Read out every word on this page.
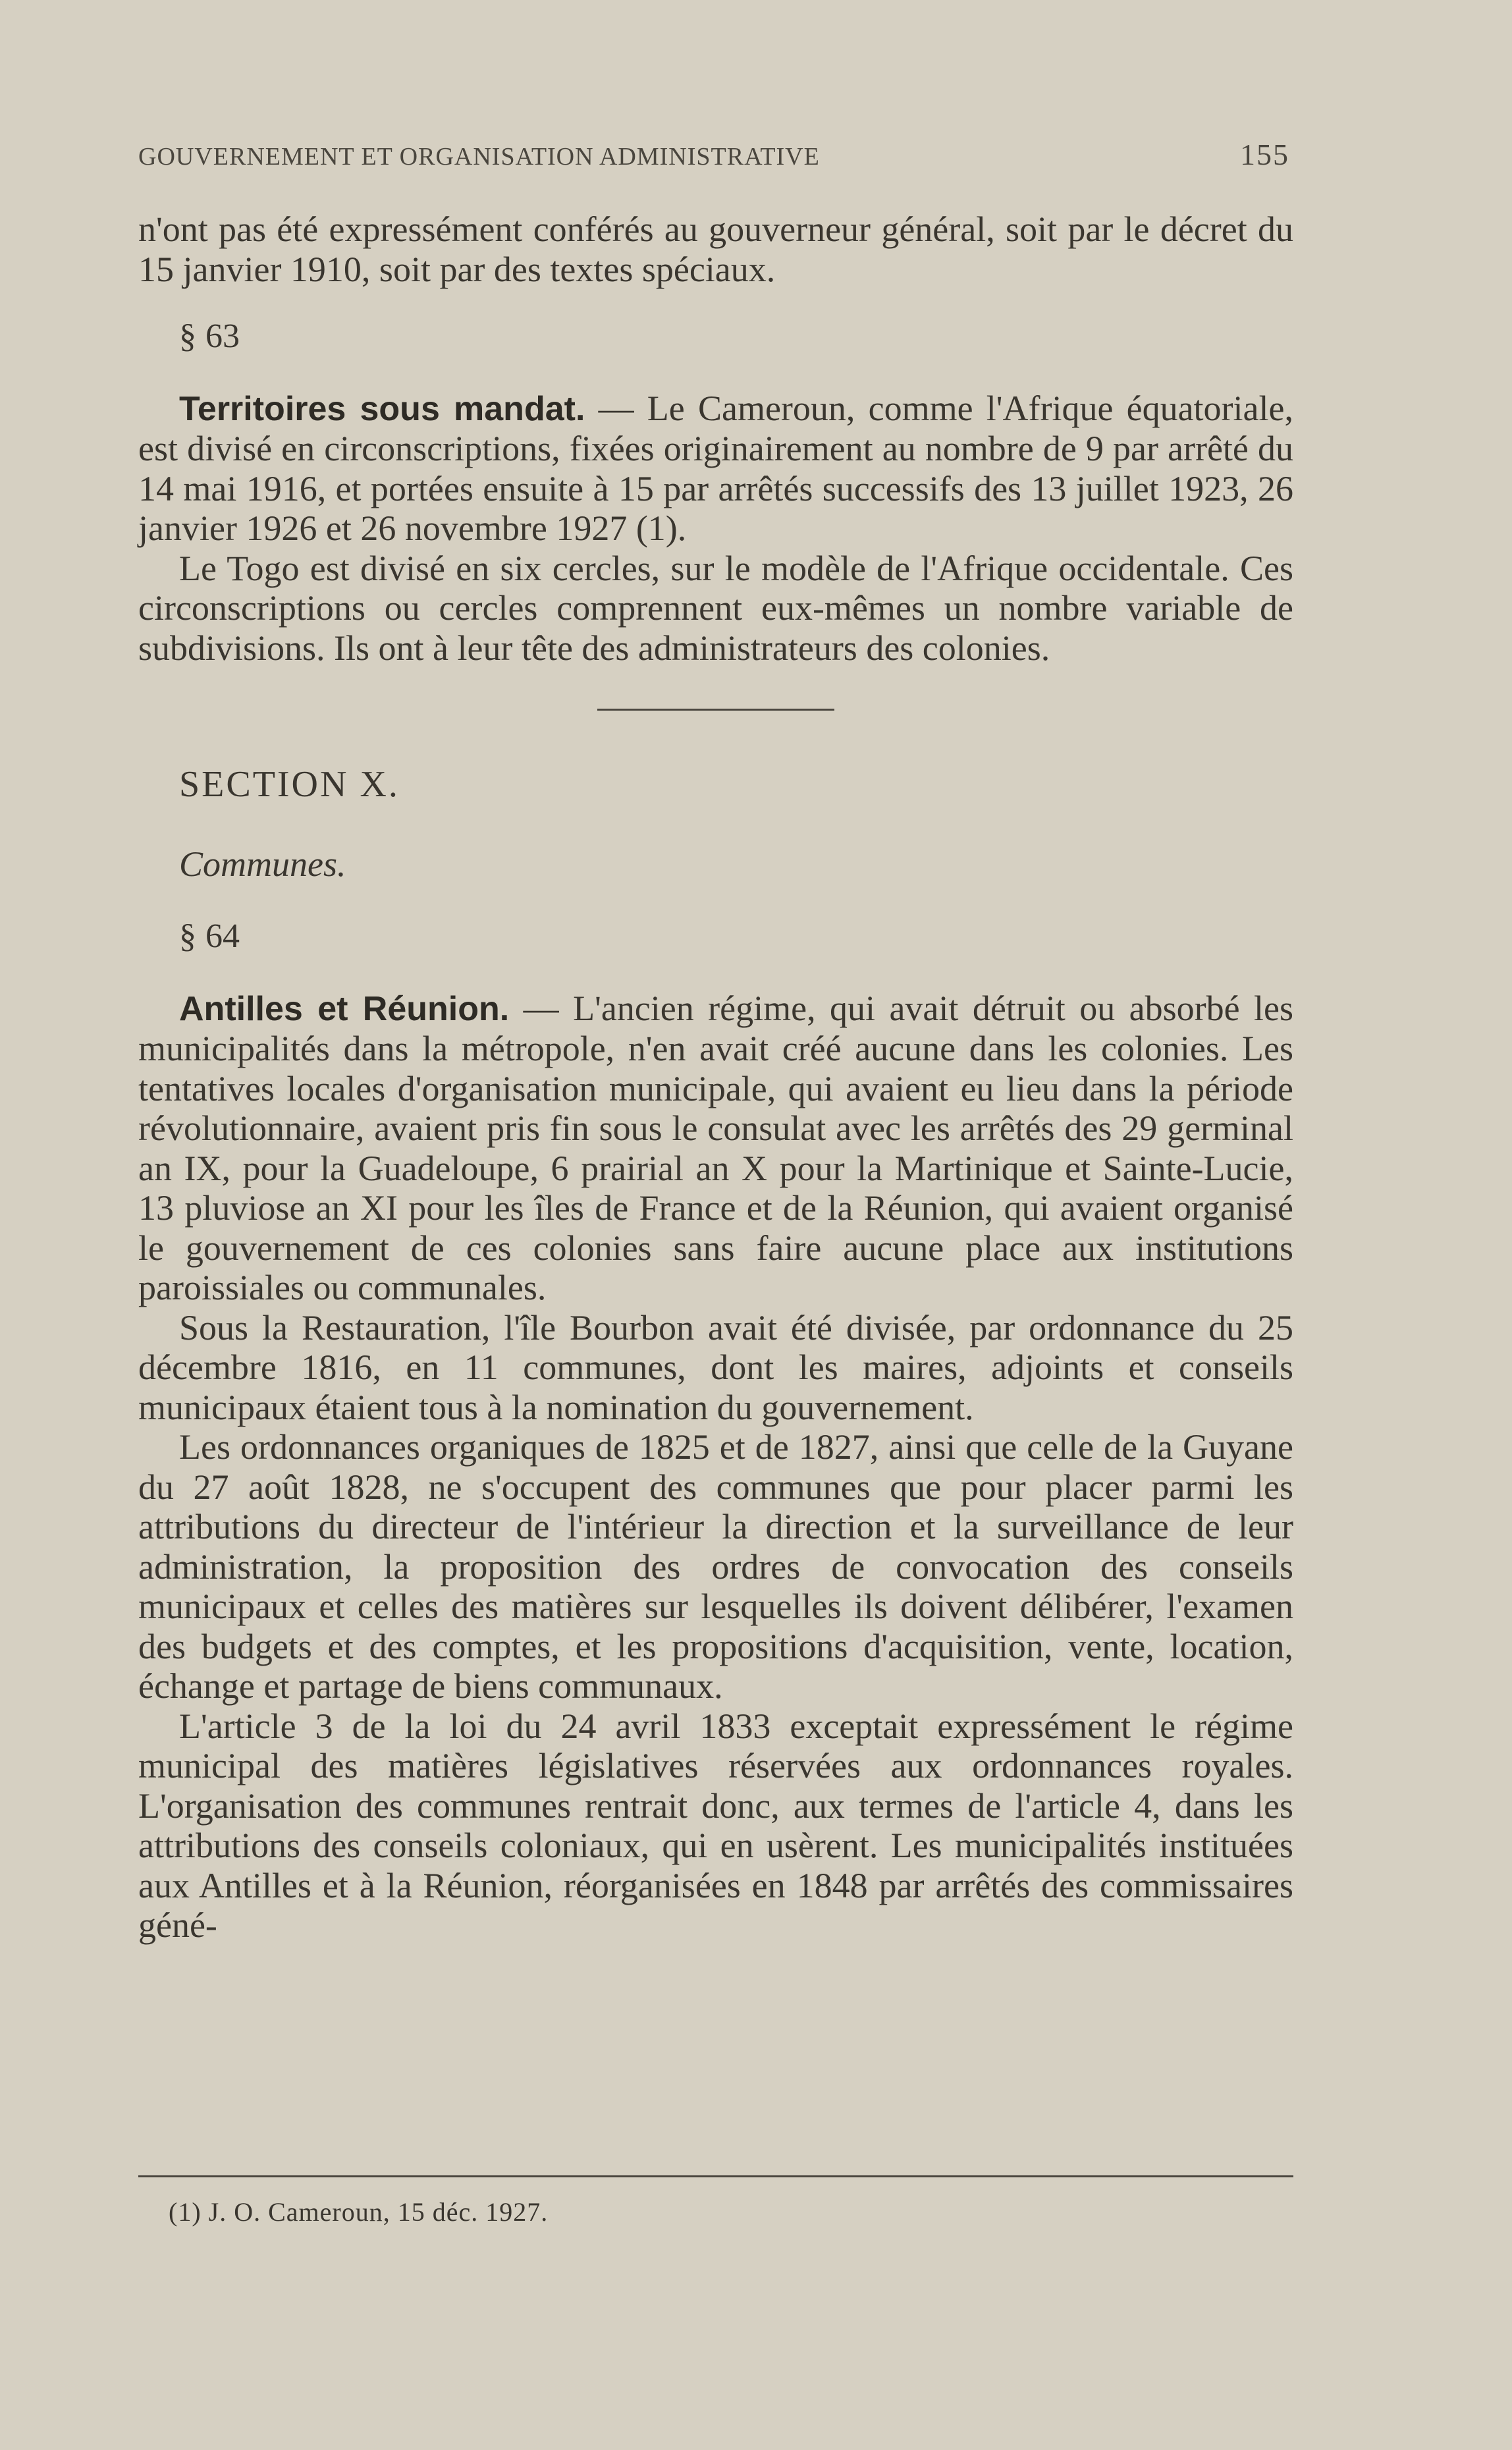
GOUVERNEMENT ET ORGANISATION ADMINISTRATIVE	155

n'ont pas été expressément conférés au gouverneur général, soit par le décret du 15 janvier 1910, soit par des textes spéciaux.

§ 63

Territoires sous mandat. — Le Cameroun, comme l'Afrique équatoriale, est divisé en circonscriptions, fixées originairement au nombre de 9 par arrêté du 14 mai 1916, et portées ensuite à 15 par arrêtés successifs des 13 juillet 1923, 26 janvier 1926 et 26 novembre 1927 (1).

Le Togo est divisé en six cercles, sur le modèle de l'Afrique occidentale. Ces circonscriptions ou cercles comprennent eux-mêmes un nombre variable de subdivisions. Ils ont à leur tête des administrateurs des colonies.

SECTION X.

Communes.

§ 64

Antilles et Réunion. — L'ancien régime, qui avait détruit ou absorbé les municipalités dans la métropole, n'en avait créé aucune dans les colonies. Les tentatives locales d'organisation municipale, qui avaient eu lieu dans la période révolutionnaire, avaient pris fin sous le consulat avec les arrêtés des 29 germinal an IX, pour la Guadeloupe, 6 prairial an X pour la Martinique et Sainte-Lucie, 13 pluviose an XI pour les îles de France et de la Réunion, qui avaient organisé le gouvernement de ces colonies sans faire aucune place aux institutions paroissiales ou communales.

Sous la Restauration, l'île Bourbon avait été divisée, par ordonnance du 25 décembre 1816, en 11 communes, dont les maires, adjoints et conseils municipaux étaient tous à la nomination du gouvernement.

Les ordonnances organiques de 1825 et de 1827, ainsi que celle de la Guyane du 27 août 1828, ne s'occupent des communes que pour placer parmi les attributions du directeur de l'intérieur la direction et la surveillance de leur administration, la proposition des ordres de convocation des conseils municipaux et celles des matières sur lesquelles ils doivent délibérer, l'examen des budgets et des comptes, et les propositions d'acquisition, vente, location, échange et partage de biens communaux.

L'article 3 de la loi du 24 avril 1833 exceptait expressément le régime municipal des matières législatives réservées aux ordonnances royales. L'organisation des communes rentrait donc, aux termes de l'article 4, dans les attributions des conseils coloniaux, qui en usèrent. Les municipalités instituées aux Antilles et à la Réunion, réorganisées en 1848 par arrêtés des commissaires géné-

(1) J. O. Cameroun, 15 déc. 1927.
